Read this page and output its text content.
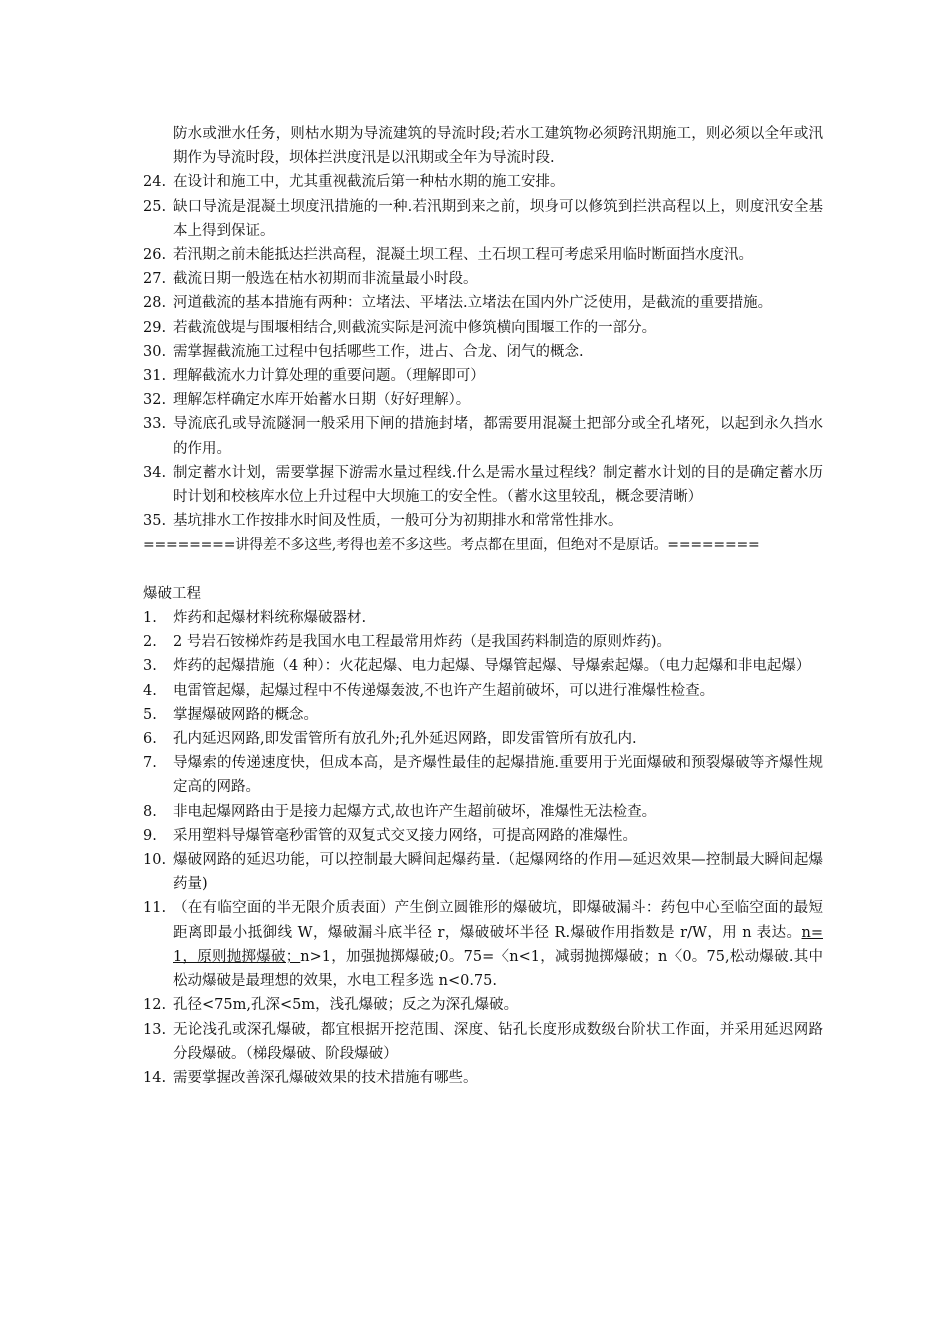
防水或泄水任务，则枯水期为导流建筑的导流时段;若水工建筑物必须跨汛期施工，则必须以全年或汛期作为导流时段，坝体拦洪度汛是以汛期或全年为导流时段.
24. 在设计和施工中，尤其重视截流后第一种枯水期的施工安排。
25. 缺口导流是混凝土坝度汛措施的一种.若汛期到来之前，坝身可以修筑到拦洪高程以上，则度汛安全基本上得到保证。
26. 若汛期之前未能抵达拦洪高程，混凝土坝工程、土石坝工程可考虑采用临时断面挡水度汛。
27. 截流日期一般选在枯水初期而非流量最小时段。
28. 河道截流的基本措施有两种：立堵法、平堵法.立堵法在国内外广泛使用，是截流的重要措施。
29. 若截流戗堤与围堰相结合,则截流实际是河流中修筑横向围堰工作的一部分。
30. 需掌握截流施工过程中包括哪些工作，进占、合龙、闭气的概念.
31. 理解截流水力计算处理的重要问题。（理解即可）
32. 理解怎样确定水库开始蓄水日期（好好理解）。
33. 导流底孔或导流隧洞一般采用下闸的措施封堵，都需要用混凝土把部分或全孔堵死，以起到永久挡水的作用。
34. 制定蓄水计划，需要掌握下游需水量过程线.什么是需水量过程线？制定蓄水计划的目的是确定蓄水历时计划和校核库水位上升过程中大坝施工的安全性。（蓄水这里较乱，概念要清晰）
35. 基坑排水工作按排水时间及性质，一般可分为初期排水和常常性排水。
========讲得差不多这些,考得也差不多这些。考点都在里面，但绝对不是原话。========
爆破工程
1.	炸药和起爆材料统称爆破器材.
2.	2 号岩石铵梯炸药是我国水电工程最常用炸药（是我国药料制造的原则炸药)。
3.	炸药的起爆措施（4 种）：火花起爆、电力起爆、导爆管起爆、导爆索起爆。（电力起爆和非电起爆）
4.	电雷管起爆，起爆过程中不传递爆轰波,不也许产生超前破坏，可以进行准爆性检查。
5.	掌握爆破网路的概念。
6.	孔内延迟网路,即发雷管所有放孔外;孔外延迟网路，即发雷管所有放孔内.
7.	导爆索的传递速度快，但成本高，是齐爆性最佳的起爆措施.重要用于光面爆破和预裂爆破等齐爆性规定高的网路。
8.	非电起爆网路由于是接力起爆方式,故也许产生超前破坏，准爆性无法检查。
9.	采用塑料导爆管毫秒雷管的双复式交叉接力网络，可提高网路的准爆性。
10. 爆破网路的延迟功能，可以控制最大瞬间起爆药量.（起爆网络的作用—延迟效果—控制最大瞬间起爆药量)
11. （在有临空面的半无限介质表面）产生倒立圆锥形的爆破坑，即爆破漏斗：药包中心至临空面的最短距离即最小抵御线 W，爆破漏斗底半径 r，爆破破坏半径 R.爆破作用指数是 r/W，用 n 表达。n=1，原则抛掷爆破；n>1，加强抛掷爆破;0。75=〈n<1，减弱抛掷爆破；n〈0。75,松动爆破.其中松动爆破是最理想的效果，水电工程多选 n<0.75.
12. 孔径<75m,孔深<5m，浅孔爆破；反之为深孔爆破。
13. 无论浅孔或深孔爆破，都宜根据开挖范围、深度、钻孔长度形成数级台阶状工作面，并采用延迟网路分段爆破。（梯段爆破、阶段爆破）
14. 需要掌握改善深孔爆破效果的技术措施有哪些。
